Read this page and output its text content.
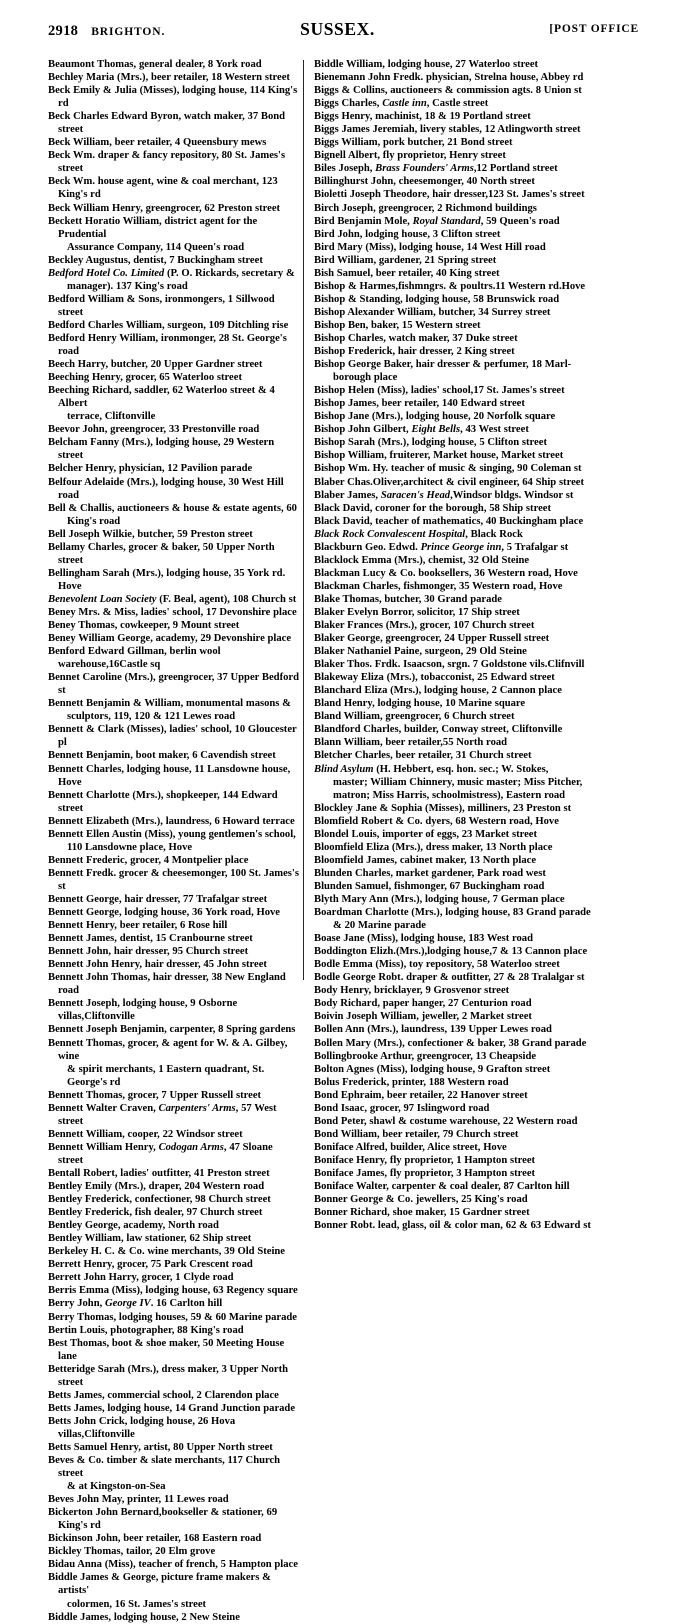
2918 BRIGHTON.	SUSSEX.	[POST OFFICE

Beaumont Thomas, general dealer, 8 York road

Bechley Maria (Mrs.), beer retailer, 18 Western street

Beck Emily & Julia (Misses), lodging house, 114 King's rd

Beck Charles Edward Byron, watch maker, 37 Bond street

Beck William, beer retailer, 4 Queensbury mews

Beck Wm. draper & fancy repository, 80 St. James's street

Beck Wm. house agent, wine & coal merchant, 123 King's rd

Beck William Henry, greengrocer, 62 Preston street

Beckett Horatio William, district agent for the Prudential
Assurance Company, 114 Queen's road

Beckley Augustus, dentist, 7 Buckingham street

Bedford Hotel Co. Limited (P. O. Rickards, secretary &
manager). 137 King's road

Bedford William & Sons, ironmongers, 1 Sillwood street

Bedford Charles William, surgeon, 109 Ditchling rise

Bedford Henry William, ironmonger, 28 St. George's road

Beech Harry, butcher, 20 Upper Gardner street

Beeching Henry, grocer, 65 Waterloo street

Beeching Richard, saddler, 62 Waterloo street & 4 Albert
terrace, Cliftonville

Beevor John, greengrocer, 33 Prestonville road

Belcham Fanny (Mrs.), lodging house, 29 Western street

Belcher Henry, physician, 12 Pavilion parade

Belfour Adelaide (Mrs.), lodging house, 30 West Hill road

Bell & Challis, auctioneers & house & estate agents, 60
King's road

Bell Joseph Wilkie, butcher, 59 Preston street

Bellamy Charles, grocer & baker, 50 Upper North street

Bellingham Sarah (Mrs.), lodging house, 35 York rd. Hove

Benevolent Loan Society (F. Beal, agent), 108 Church st

Beney Mrs. & Miss, ladies' school, 17 Devonshire place

Beney Thomas, cowkeeper, 9 Mount street

Beney William George, academy, 29 Devonshire place

Benford Edward Gillman, berlin wool warehouse,16Castle sq

Bennet Caroline (Mrs.), greengrocer, 37 Upper Bedford st

Bennett Benjamin & William, monumental masons &
sculptors, 119, 120 & 121 Lewes road

Bennett & Clark (Misses), ladies' school, 10 Gloucester pl

Bennett Benjamin, boot maker, 6 Cavendish street

Bennett Charles, lodging house, 11 Lansdowne house, Hove

Bennett Charlotte (Mrs.), shopkeeper, 144 Edward street

Bennett Elizabeth (Mrs.), laundress, 6 Howard terrace

Bennett Ellen Austin (Miss), young gentlemen's school,
110 Lansdowne place, Hove

Bennett Frederic, grocer, 4 Montpelier place

Bennett Fredk. grocer & cheesemonger, 100 St. James's st

Bennett George, hair dresser, 77 Trafalgar street

Bennett George, lodging house, 36 York road, Hove

Bennett Henry, beer retailer, 6 Rose hill

Bennett James, dentist, 15 Cranbourne street

Bennett John, hair dresser, 95 Church street

Bennett John Henry, hair dresser, 45 John street

Bennett John Thomas, hair dresser, 38 New England road

Bennett Joseph, lodging house, 9 Osborne villas,Cliftonville

Bennett Joseph Benjamin, carpenter, 8 Spring gardens

Bennett Thomas, grocer, & agent for W. & A. Gilbey, wine
& spirit merchants, 1 Eastern quadrant, St. George's rd

Bennett Thomas, grocer, 7 Upper Russell street

Bennett Walter Craven, Carpenters' Arms, 57 West street

Bennett William, cooper, 22 Windsor street

Bennett William Henry, Codogan Arms, 47 Sloane street

Bentall Robert, ladies' outfitter, 41 Preston street

Bentley Emily (Mrs.), draper, 204 Western road

Bentley Frederick, confectioner, 98 Church street

Bentley Frederick, fish dealer, 97 Church street

Bentley George, academy, North road

Bentley William, law stationer, 62 Ship street

Berkeley H. C. & Co. wine merchants, 39 Old Steine

Berrett Henry, grocer, 75 Park Crescent road

Berrett John Harry, grocer, 1 Clyde road

Berris Emma (Miss), lodging house, 63 Regency square

Berry John, George IV. 16 Carlton hill

Berry Thomas, lodging houses, 59 & 60 Marine parade

Bertin Louis, photographer, 88 King's road

Best Thomas, boot & shoe maker, 50 Meeting House lane

Betteridge Sarah (Mrs.), dress maker, 3 Upper North street

Betts James, commercial school, 2 Clarendon place

Betts James, lodging house, 14 Grand Junction parade

Betts John Crick, lodging house, 26 Hova villas,Cliftonville

Betts Samuel Henry, artist, 80 Upper North street

Beves & Co. timber & slate merchants, 117 Church street
& at Kingston-on-Sea

Beves John May, printer, 11 Lewes road

Bickerton John Bernard,bookseller & stationer, 69 King's rd

Bickinson John, beer retailer, 168 Eastern road

Bickley Thomas, tailor, 20 Elm grove

Bidau Anna (Miss), teacher of french, 5 Hampton place

Biddle James & George, picture frame makers & artists'
colormen, 16 St. James's street

Biddle James, lodging house, 2 New Steine

Biddle William, lodging house, 27 Waterloo street

Bienemann John Fredk. physician, Strelna house, Abbey rd

Biggs & Collins, auctioneers & commission agts. 8 Union st

Biggs Charles, Castle inn, Castle street

Biggs Henry, machinist, 18 & 19 Portland street

Biggs James Jeremiah, livery stables, 12 Atlingworth street

Biggs William, pork butcher, 21 Bond street

Bignell Albert, fly proprietor, Henry street

Biles Joseph, Brass Founders' Arms,12 Portland street

Billinghurst John, cheesemonger, 40 North street

Bioletti Joseph Theodore, hair dresser,123 St. James's street

Birch Joseph, greengrocer, 2 Richmond buildings

Bird Benjamin Mole, Royal Standard, 59 Queen's road

Bird John, lodging house, 3 Clifton street

Bird Mary (Miss), lodging house, 14 West Hill road

Bird William, gardener, 21 Spring street

Bish Samuel, beer retailer, 40 King street

Bishop & Harmes,fishmngrs. & poultrs.11 Western rd.Hove

Bishop & Standing, lodging house, 58 Brunswick road

Bishop Alexander William, butcher, 34 Surrey street

Bishop Ben, baker, 15 Western street

Bishop Charles, watch maker, 37 Duke street

Bishop Frederick, hair dresser, 2 King street

Bishop George Baker, hair dresser & perfumer, 18 Marl-
borough place

Bishop Helen (Miss), ladies' school,17 St. James's street

Bishop James, beer retailer, 140 Edward street

Bishop Jane (Mrs.), lodging house, 20 Norfolk square

Bishop John Gilbert, Eight Bells, 43 West street

Bishop Sarah (Mrs.), lodging house, 5 Clifton street

Bishop William, fruiterer, Market house, Market street

Bishop Wm. Hy. teacher of music & singing, 90 Coleman st

Blaber Chas.Oliver,architect & civil engineer, 64 Ship street

Blaber James, Saracen's Head,Windsor bldgs. Windsor st

Black David, coroner for the borough, 58 Ship street

Black David, teacher of mathematics, 40 Buckingham place

Black Rock Convalescent Hospital, Black Rock

Blackburn Geo. Edwd. Prince George inn, 5 Trafalgar st

Blacklock Emma (Mrs.), chemist, 32 Old Steine

Blackman Lucy & Co. booksellers, 36 Western road, Hove

Blackman Charles, fishmonger, 35 Western road, Hove

Blake Thomas, butcher, 30 Grand parade

Blaker Evelyn Borror, solicitor, 17 Ship street

Blaker Frances (Mrs.), grocer, 107 Church street

Blaker George, greengrocer, 24 Upper Russell street

Blaker Nathaniel Paine, surgeon, 29 Old Steine

Blaker Thos. Frdk. Isaacson, srgn. 7 Goldstone vils.Clifnvill

Blakeway Eliza (Mrs.), tobacconist, 25 Edward street

Blanchard Eliza (Mrs.), lodging house, 2 Cannon place

Bland Henry, lodging house, 10 Marine square

Bland William, greengrocer, 6 Church street

Blandford Charles, builder, Conway street, Cliftonville

Blann William, beer retailer,55 North road

Bletcher Charles, beer retailer, 31 Church street

Blind Asylum (H. Hebbert, esq. hon. sec.; W. Stokes,
master; William Chinnery, music master; Miss Pitcher,
matron; Miss Harris, schoolmistress), Eastern road

Blockley Jane & Sophia (Misses), milliners, 23 Preston st

Blomfield Robert & Co. dyers, 68 Western road, Hove

Blondel Louis, importer of eggs, 23 Market street

Bloomfield Eliza (Mrs.), dress maker, 13 North place

Bloomfield James, cabinet maker, 13 North place

Blunden Charles, market gardener, Park road west

Blunden Samuel, fishmonger, 67 Buckingham road

Blyth Mary Ann (Mrs.), lodging house, 7 German place

Boardman Charlotte (Mrs.), lodging house, 83 Grand parade
& 20 Marine parade

Boase Jane (Miss), lodging house, 183 West road

Boddington Elizh.(Mrs.),lodging house,7 & 13 Cannon place

Bodle Emma (Miss), toy repository, 58 Waterloo street

Bodle George Robt. draper & outfitter, 27 & 28 Tralalgar st

Body Henry, bricklayer, 9 Grosvenor street

Body Richard, paper hanger, 27 Centurion road

Boivin Joseph William, jeweller, 2 Market street

Bollen Ann (Mrs.), laundress, 139 Upper Lewes road

Bollen Mary (Mrs.), confectioner & baker, 38 Grand parade

Bollingbrooke Arthur, greengrocer, 13 Cheapside

Bolton Agnes (Miss), lodging house, 9 Grafton street

Bolus Frederick, printer, 188 Western road

Bond Ephraim, beer retailer, 22 Hanover street

Bond Isaac, grocer, 97 Islingword road

Bond Peter, shawl & costume warehouse, 22 Western road

Bond William, beer retailer, 79 Church street

Boniface Alfred, builder, Alice street, Hove

Boniface Henry, fly proprietor, 1 Hampton street

Boniface James, fly proprietor, 3 Hampton street

Boniface Walter, carpenter & coal dealer, 87 Carlton hill

Bonner George & Co. jewellers, 25 King's road

Bonner Richard, shoe maker, 15 Gardner street

Bonner Robt. lead, glass, oil & color man, 62 & 63 Edward st
